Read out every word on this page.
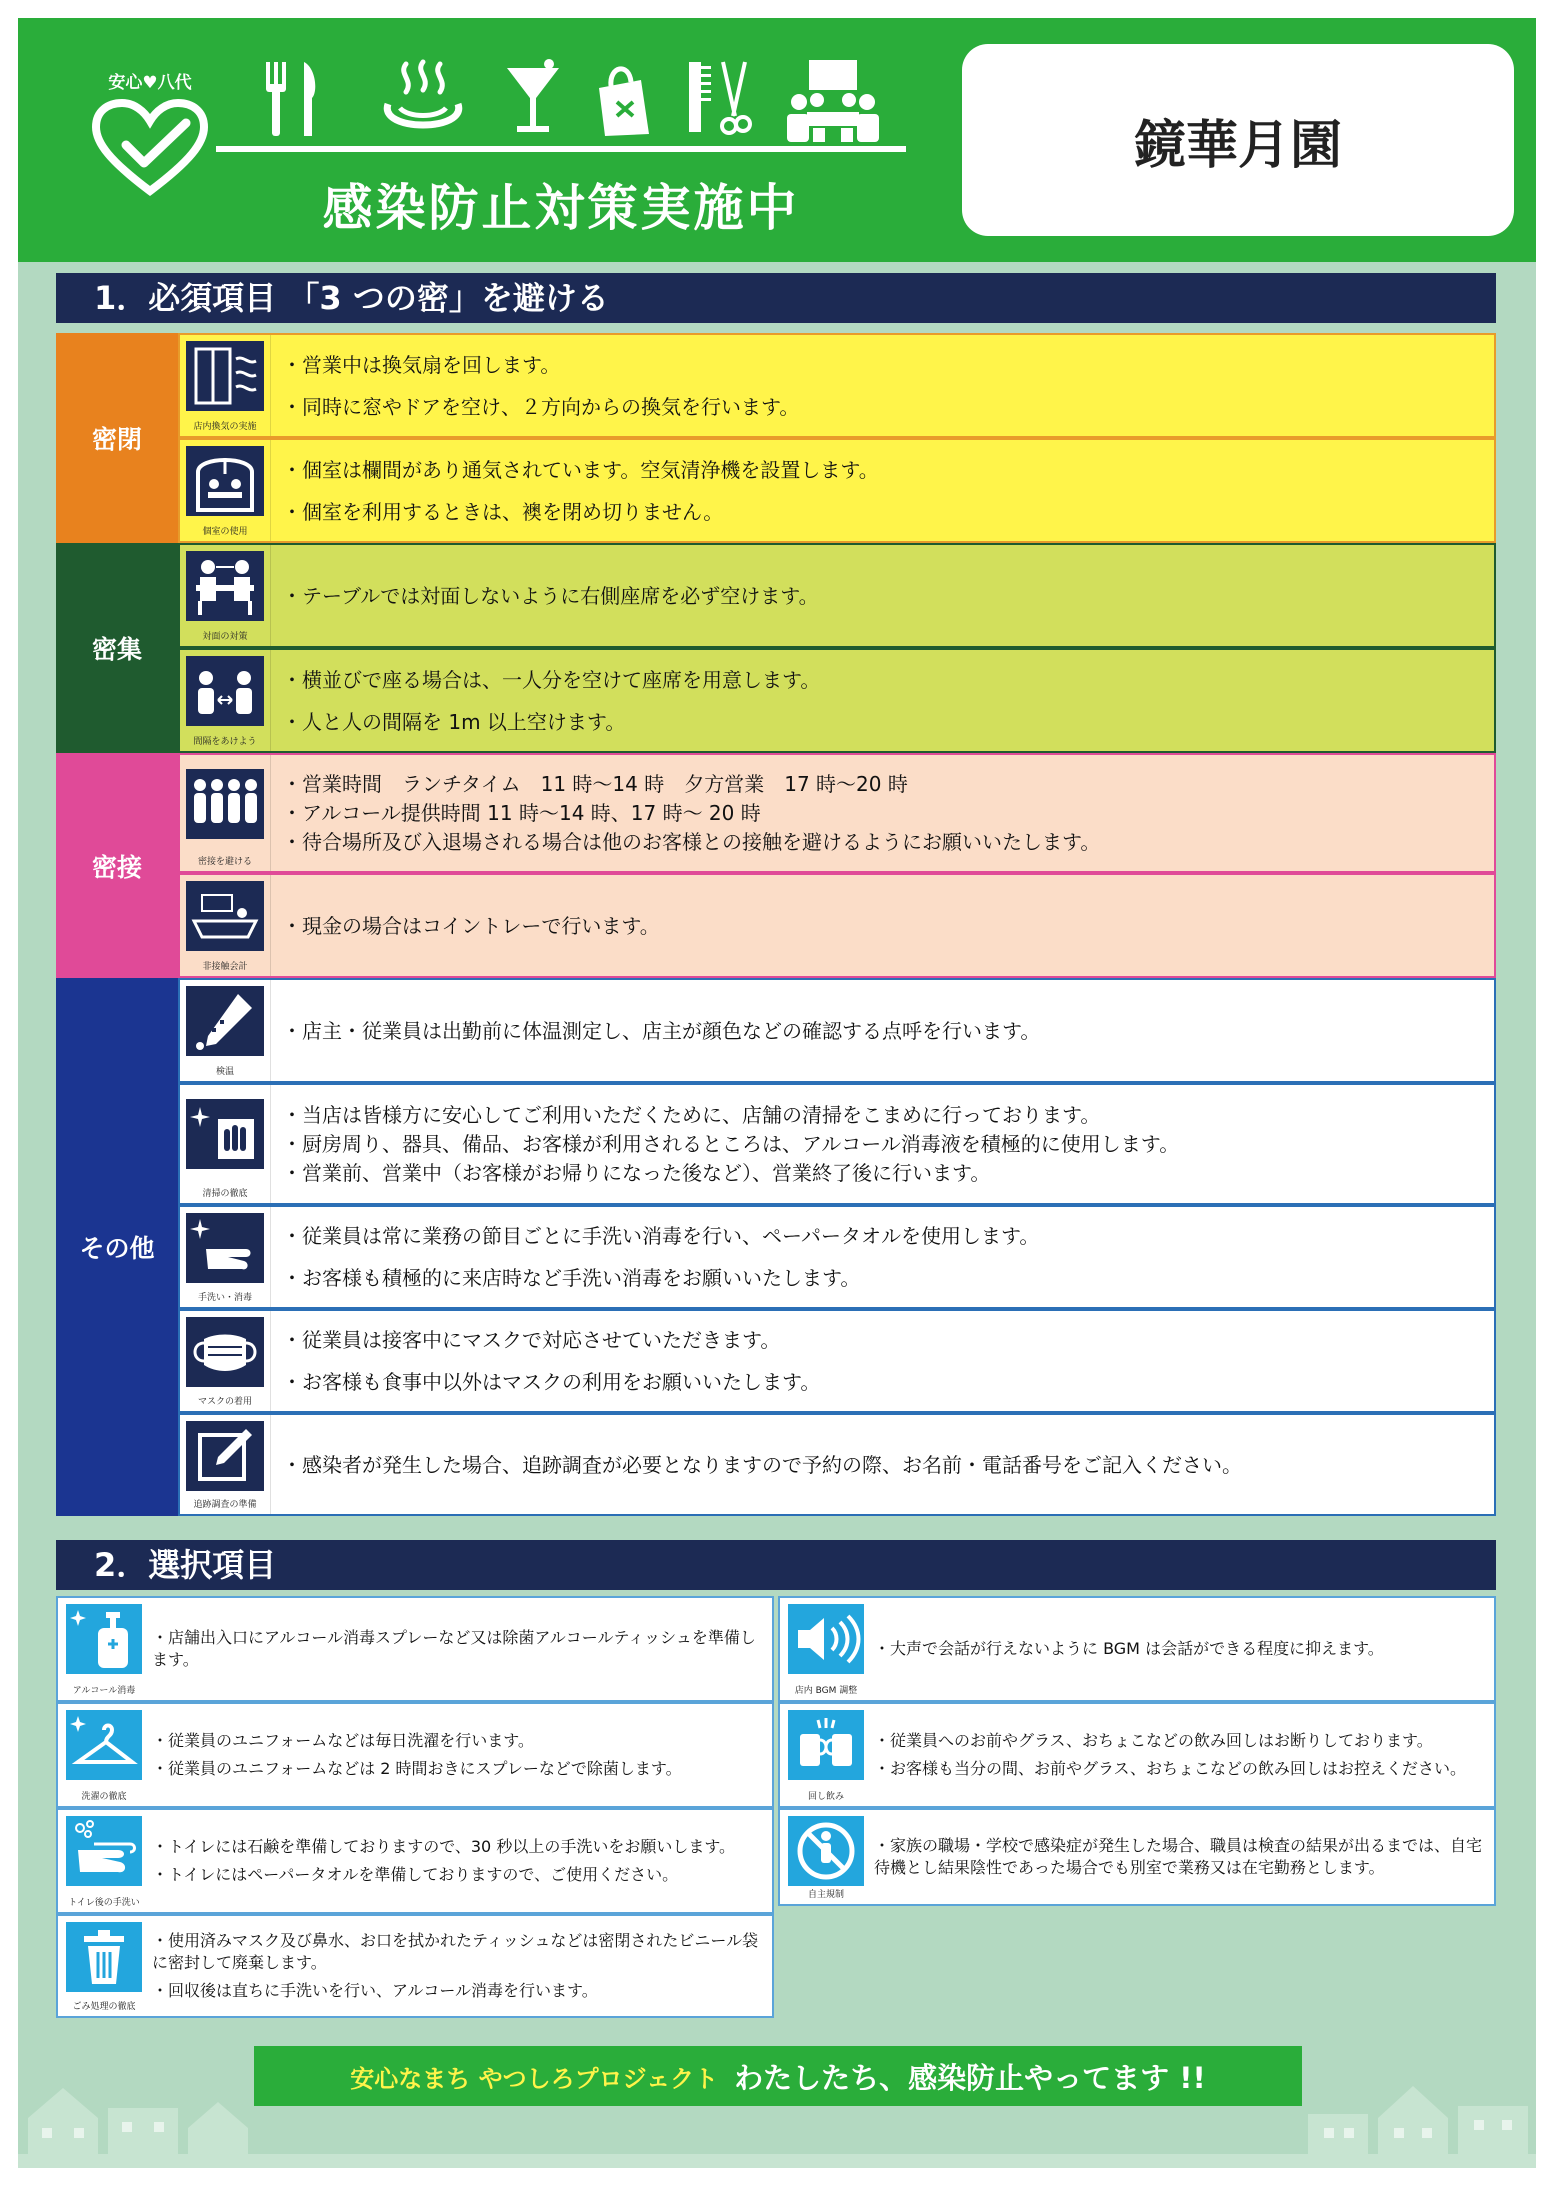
安心♥八代
感染防止対策実施中
鏡華月園
1．必須項目 「3 つの密」を避ける
密閉	店内換気の実施
・営業中は換気扇を回します。
・同時に窓やドアを空け、２方向からの換気を行います。
個室の使用
・個室は欄間があり通気されています。空気清浄機を設置します。
・個室を利用するときは、襖を閉め切りません。
密集	対面の対策
・テーブルでは対面しないように右側座席を必ず空けます。
間隔をあけよう
・横並びで座る場合は、一人分を空けて座席を用意します。
・人と人の間隔を 1m 以上空けます。
密接	密接を避ける
・営業時間　ランチタイム　11 時～14 時　夕方営業　17 時～20 時
・アルコール提供時間 11 時～14 時、17 時～ 20 時
・待合場所及び入退場される場合は他のお客様との接触を避けるようにお願いいたします。
非接触会計
・現金の場合はコイントレーで行います。
その他
検温
・店主・従業員は出勤前に体温測定し、店主が顔色などの確認する点呼を行います。
清掃の徹底
・当店は皆様方に安心してご利用いただくために、店舗の清掃をこまめに行っております。
・厨房周り、器具、備品、お客様が利用されるところは、アルコール消毒液を積極的に使用します。
・営業前、営業中（お客様がお帰りになった後など）、営業終了後に行います。
手洗い・消毒
・従業員は常に業務の節目ごとに手洗い消毒を行い、ペーパータオルを使用します。
・お客様も積極的に来店時など手洗い消毒をお願いいたします。
マスクの着用
・従業員は接客中にマスクで対応させていただきます。
・お客様も食事中以外はマスクの利用をお願いいたします。
追跡調査の準備
・感染者が発生した場合、追跡調査が必要となりますので予約の際、お名前・電話番号をご記入ください。
2．選択項目
アルコール消毒
・店舗出入口にアルコール消毒スプレーなど又は除菌アルコールティッシュを準備します。
店内 BGM 調整
・大声で会話が行えないように BGM は会話ができる程度に抑えます。
洗濯の徹底
・従業員のユニフォームなどは毎日洗濯を行います。
・従業員のユニフォームなどは 2 時間おきにスプレーなどで除菌します。
回し飲み
・従業員へのお前やグラス、おちょこなどの飲み回しはお断りしております。
・お客様も当分の間、お前やグラス、おちょこなどの飲み回しはお控えください。
トイレ後の手洗い
・トイレには石鹸を準備しておりますので、30 秒以上の手洗いをお願いします。
・トイレにはペーパータオルを準備しておりますので、ご使用ください。
自主規制
・家族の職場・学校で感染症が発生した場合、職員は検査の結果が出るまでは、自宅待機とし結果陰性であった場合でも別室で業務又は在宅勤務とします。
ごみ処理の徹底
・使用済みマスク及び鼻水、お口を拭かれたティッシュなどは密閉されたビニール袋に密封して廃棄します。
・回収後は直ちに手洗いを行い、アルコール消毒を行います。
安心なまち やつしろプロジェクト わたしたち、感染防止やってます !!
